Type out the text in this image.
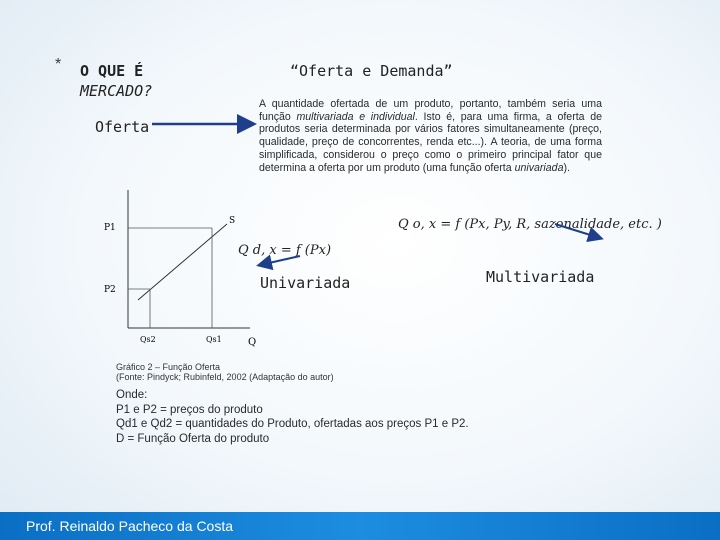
* O QUE É
MERCADO?
Oferta
“Oferta e Demanda”
A quantidade ofertada de um produto, portanto, também seria uma função multivariada e individual. Isto é, para uma firma, a oferta de produtos seria determinada por vários fatores simultaneamente (preço, qualidade, preço de concorrentes, renda etc...). A teoria, de uma forma simplificada, considerou o preço como o primeiro principal fator que determina a oferta por um produto (uma função oferta univariada).
Q o, x = f (Px, Py, R, sazonalidade, etc. )
Q d, x = f (Px)
Univariada	Multivariada
P1
P2
S
Q
Qs2	Qs1
Gráfico 2 – Função Oferta
(Fonte: Pindyck; Rubinfeld, 2002 (Adaptação do autor)
Onde:
P1 e P2 = preços do produto
Qd1 e Qd2 = quantidades do Produto, ofertadas aos preços P1 e P2.
D = Função Oferta do produto
Prof. Reinaldo Pacheco da Costa
